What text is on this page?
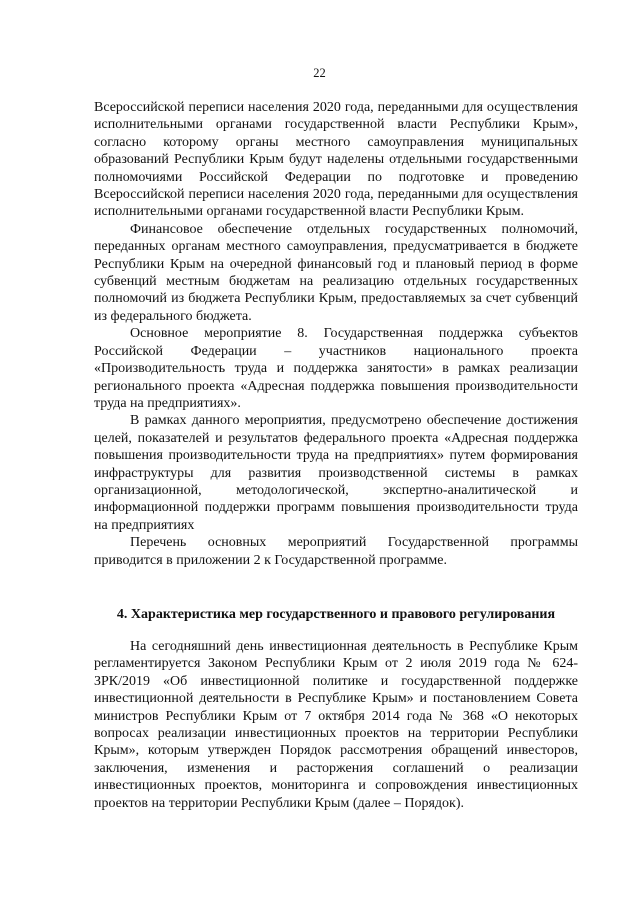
22

Всероссийской переписи населения 2020 года, переданными для осуществления исполнительными органами государственной власти Республики Крым», согласно которому органы местного самоуправления муниципальных образований Республики Крым будут наделены отдельными государственными полномочиями Российской Федерации по подготовке и проведению Всероссийской переписи населения 2020 года, переданными для осуществления исполнительными органами государственной власти Республики Крым.

Финансовое обеспечение отдельных государственных полномочий, переданных органам местного самоуправления, предусматривается в бюджете Республики Крым на очередной финансовый год и плановый период в форме субвенций местным бюджетам на реализацию отдельных государственных полномочий из бюджета Республики Крым, предоставляемых за счет субвенций из федерального бюджета.

Основное мероприятие 8. Государственная поддержка субъектов Российской Федерации – участников национального проекта «Производительность труда и поддержка занятости» в рамках реализации регионального проекта «Адресная поддержка повышения производительности труда на предприятиях».

В рамках данного мероприятия, предусмотрено обеспечение достижения целей, показателей и результатов федерального проекта «Адресная поддержка повышения производительности труда на предприятиях» путем формирования инфраструктуры для развития производственной системы в рамках организационной, методологической, экспертно-аналитической и информационной поддержки программ повышения производительности труда на предприятиях

Перечень основных мероприятий Государственной программы приводится в приложении 2 к Государственной программе.

4. Характеристика мер государственного и правового регулирования

На сегодняшний день инвестиционная деятельность в Республике Крым регламентируется Законом Республики Крым от 2 июля 2019 года № 624-ЗРК/2019 «Об инвестиционной политике и государственной поддержке инвестиционной деятельности в Республике Крым» и постановлением Совета министров Республики Крым от 7 октября 2014 года № 368 «О некоторых вопросах реализации инвестиционных проектов на территории Республики Крым», которым утвержден Порядок рассмотрения обращений инвесторов, заключения, изменения и расторжения соглашений о реализации инвестиционных проектов, мониторинга и сопровождения инвестиционных проектов на территории Республики Крым (далее – Порядок).
